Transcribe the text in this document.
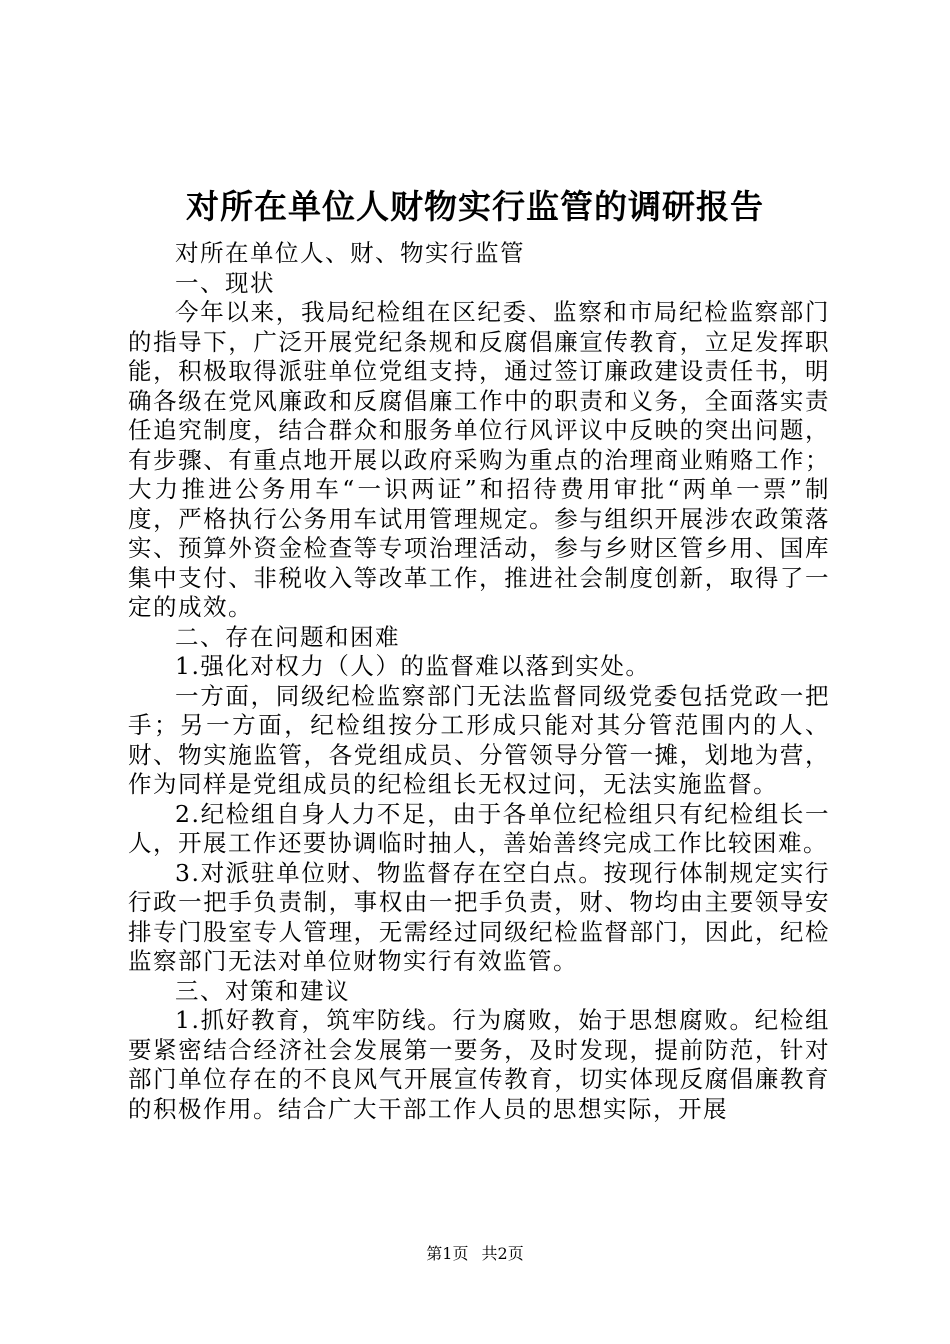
对所在单位人财物实行监管的调研报告

对所在单位人、财、物实行监管

一、现状

今年以来，我局纪检组在区纪委、监察和市局纪检监察部门的指导下，广泛开展党纪条规和反腐倡廉宣传教育，立足发挥职能，积极取得派驻单位党组支持，通过签订廉政建设责任书，明确各级在党风廉政和反腐倡廉工作中的职责和义务，全面落实责任追究制度，结合群众和服务单位行风评议中反映的突出问题，有步骤、有重点地开展以政府采购为重点的治理商业贿赂工作；大力推进公务用车“一识两证”和招待费用审批“两单一票”制度，严格执行公务用车试用管理规定。参与组织开展涉农政策落实、预算外资金检查等专项治理活动，参与乡财区管乡用、国库集中支付、非税收入等改革工作，推进社会制度创新，取得了一定的成效。

二、存在问题和困难

1.强化对权力（人）的监督难以落到实处。

一方面，同级纪检监察部门无法监督同级党委包括党政一把手；另一方面，纪检组按分工形成只能对其分管范围内的人、财、物实施监管，各党组成员、分管领导分管一摊，划地为营，作为同样是党组成员的纪检组长无权过问，无法实施监督。

2.纪检组自身人力不足，由于各单位纪检组只有纪检组长一人，开展工作还要协调临时抽人，善始善终完成工作比较困难。

3.对派驻单位财、物监督存在空白点。按现行体制规定实行行政一把手负责制，事权由一把手负责，财、物均由主要领导安排专门股室专人管理，无需经过同级纪检监督部门，因此，纪检监察部门无法对单位财物实行有效监管。

三、对策和建议

1.抓好教育，筑牢防线。行为腐败，始于思想腐败。纪检组要紧密结合经济社会发展第一要务，及时发现，提前防范，针对部门单位存在的不良风气开展宣传教育，切实体现反腐倡廉教育的积极作用。结合广大干部工作人员的思想实际，开展

第1页 共2页
